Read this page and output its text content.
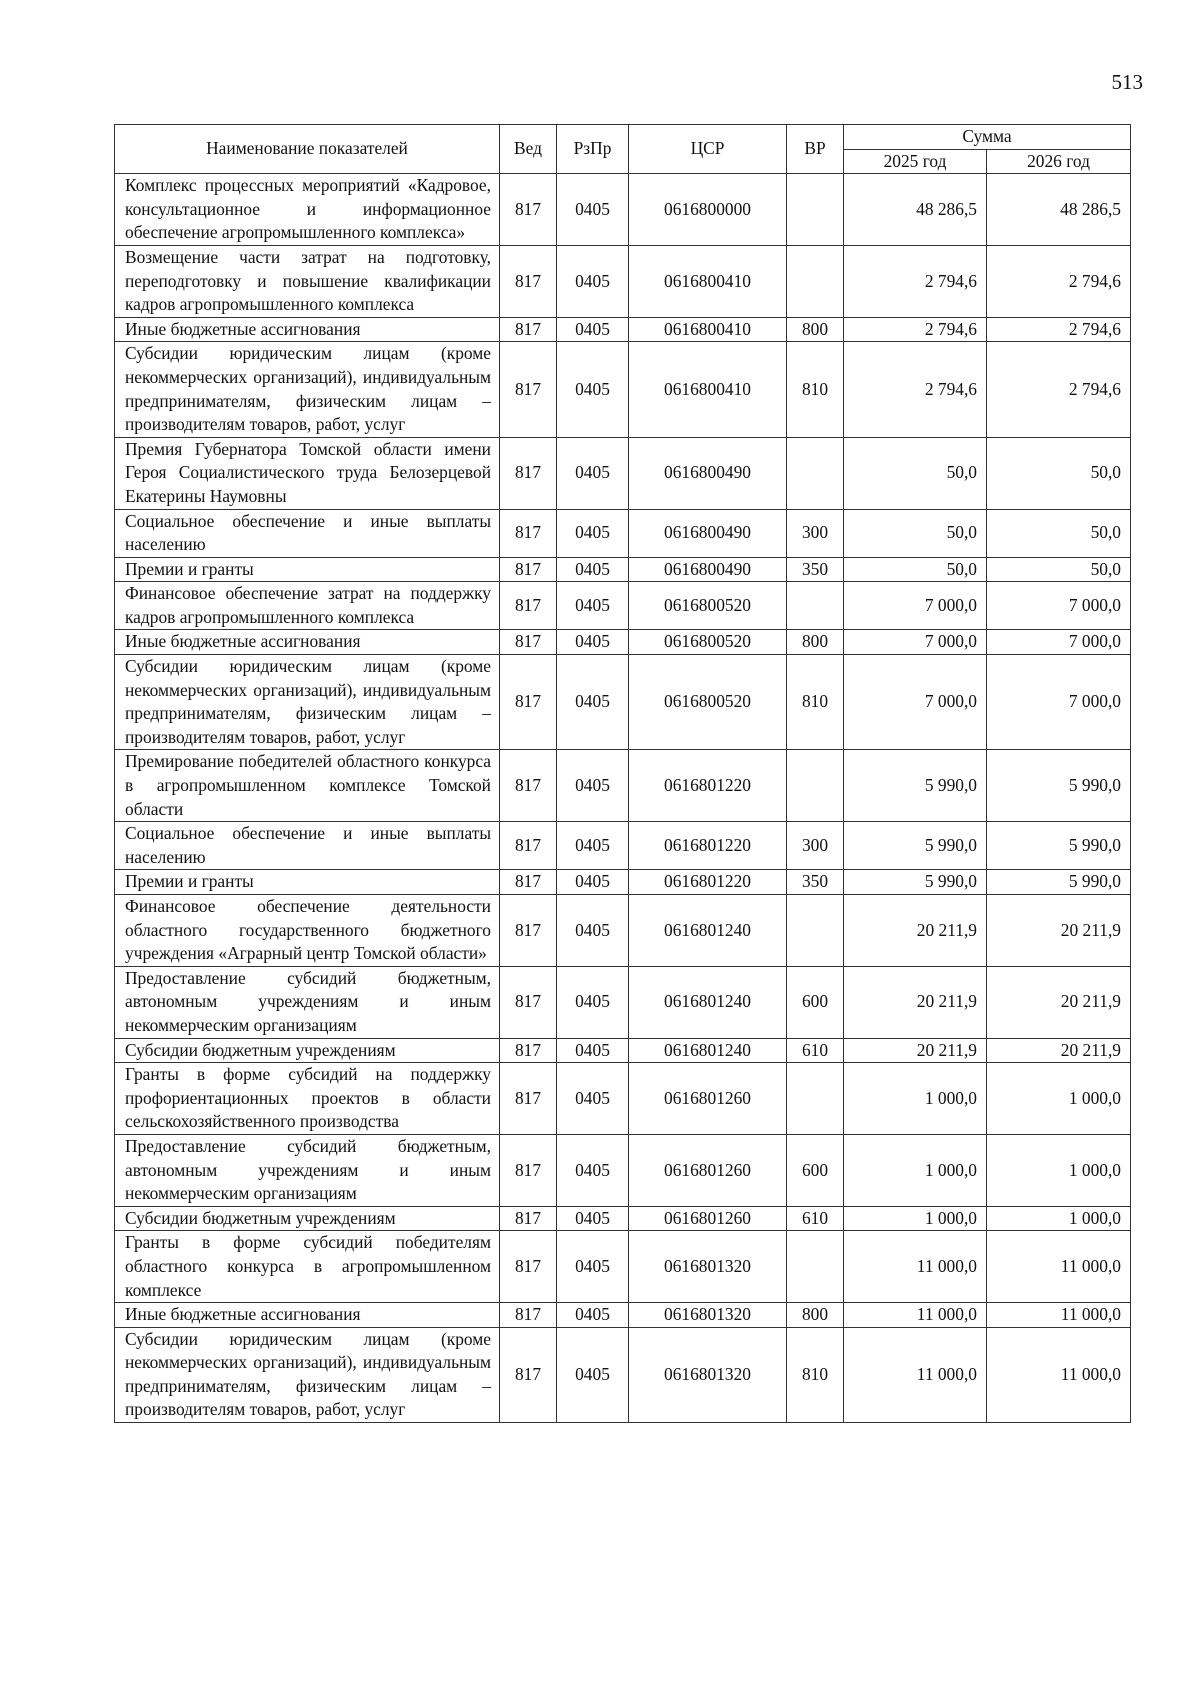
513
Наименование показателей	Вед	РзПр	ЦСР	ВР	Сумма	
					2025 год	2026 год
Комплекс процессных мероприятий «Кадровое, консультационное и информационное обеспечение агропромышленного комплекса»	817	0405	0616800000		48 286,5	48 286,5
Возмещение части затрат на подготовку, переподготовку и повышение квалификации кадров агропромышленного комплекса	817	0405	0616800410		2 794,6	2 794,6
Иные бюджетные ассигнования	817	0405	0616800410	800	2 794,6	2 794,6
Субсидии юридическим лицам (кроме некоммерческих организаций), индивидуальным предпринимателям, физическим лицам – производителям товаров, работ, услуг	817	0405	0616800410	810	2 794,6	2 794,6
Премия Губернатора Томской области имени Героя Социалистического труда Белозерцевой Екатерины Наумовны	817	0405	0616800490		50,0	50,0
Социальное обеспечение и иные выплаты населению	817	0405	0616800490	300	50,0	50,0
Премии и гранты	817	0405	0616800490	350	50,0	50,0
Финансовое обеспечение затрат на поддержку кадров агропромышленного комплекса	817	0405	0616800520		7 000,0	7 000,0
Иные бюджетные ассигнования	817	0405	0616800520	800	7 000,0	7 000,0
Субсидии юридическим лицам (кроме некоммерческих организаций), индивидуальным предпринимателям, физическим лицам – производителям товаров, работ, услуг	817	0405	0616800520	810	7 000,0	7 000,0
Премирование победителей областного конкурса в агропромышленном комплексе Томской области	817	0405	0616801220		5 990,0	5 990,0
Социальное обеспечение и иные выплаты населению	817	0405	0616801220	300	5 990,0	5 990,0
Премии и гранты	817	0405	0616801220	350	5 990,0	5 990,0
Финансовое обеспечение деятельности областного государственного бюджетного учреждения «Аграрный центр Томской области»	817	0405	0616801240		20 211,9	20 211,9
Предоставление субсидий бюджетным, автономным учреждениям и иным некоммерческим организациям	817	0405	0616801240	600	20 211,9	20 211,9
Субсидии бюджетным учреждениям	817	0405	0616801240	610	20 211,9	20 211,9
Гранты в форме субсидий на поддержку профориентационных проектов в области сельскохозяйственного производства	817	0405	0616801260		1 000,0	1 000,0
Предоставление субсидий бюджетным, автономным учреждениям и иным некоммерческим организациям	817	0405	0616801260	600	1 000,0	1 000,0
Субсидии бюджетным учреждениям	817	0405	0616801260	610	1 000,0	1 000,0
Гранты в форме субсидий победителям областного конкурса в агропромышленном комплексе	817	0405	0616801320		11 000,0	11 000,0
Иные бюджетные ассигнования	817	0405	0616801320	800	11 000,0	11 000,0
Субсидии юридическим лицам (кроме некоммерческих организаций), индивидуальным предпринимателям, физическим лицам – производителям товаров, работ, услуг	817	0405	0616801320	810	11 000,0	11 000,0
